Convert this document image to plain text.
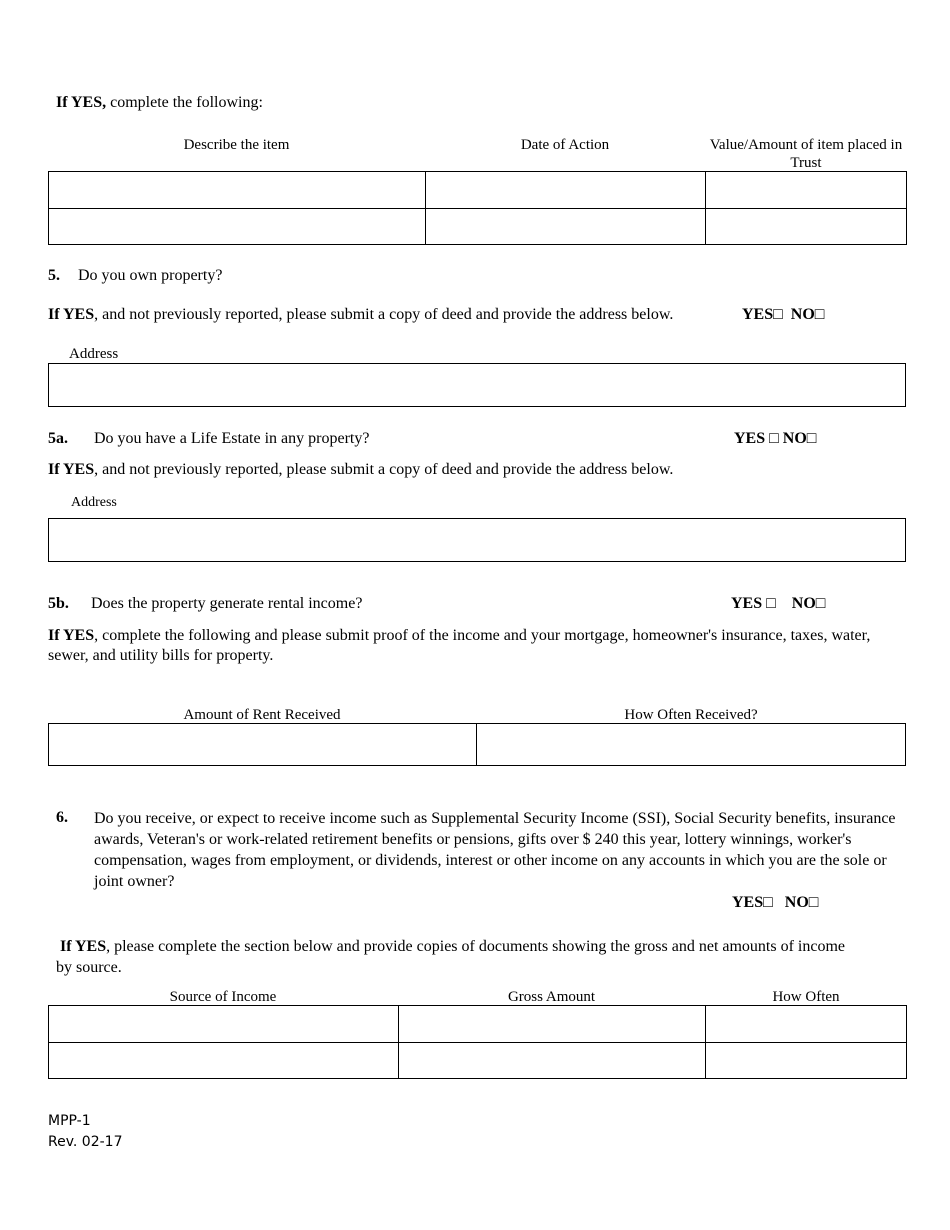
If YES, complete the following:
Describe the item	Date of Action	Value/Amount of item placed in Trust
5. Do you own property?
If YES, and not previously reported, please submit a copy of deed and provide the address below.	YES□  NO□
Address
5a. Do you have a Life Estate in any property?	YES □ NO□
If YES, and not previously reported, please submit a copy of deed and provide the address below.
Address
5b. Does the property generate rental income?	YES □    NO□
If YES, complete the following and please submit proof of the income and your mortgage, homeowner's insurance, taxes, water, sewer, and utility bills for property.
Amount of Rent Received	How Often Received?
6. Do you receive, or expect to receive income such as Supplemental Security Income (SSI), Social Security benefits, insurance awards, Veteran's or work-related retirement benefits or pensions, gifts over $ 240 this year, lottery winnings, worker's compensation, wages from employment, or dividends, interest or other income on any accounts in which you are the sole or joint owner?
YES□   NO□
If YES, please complete the section below and provide copies of documents showing the gross and net amounts of income by source.
Source of Income	Gross Amount	How Often
MPP-1
Rev. 02-17
